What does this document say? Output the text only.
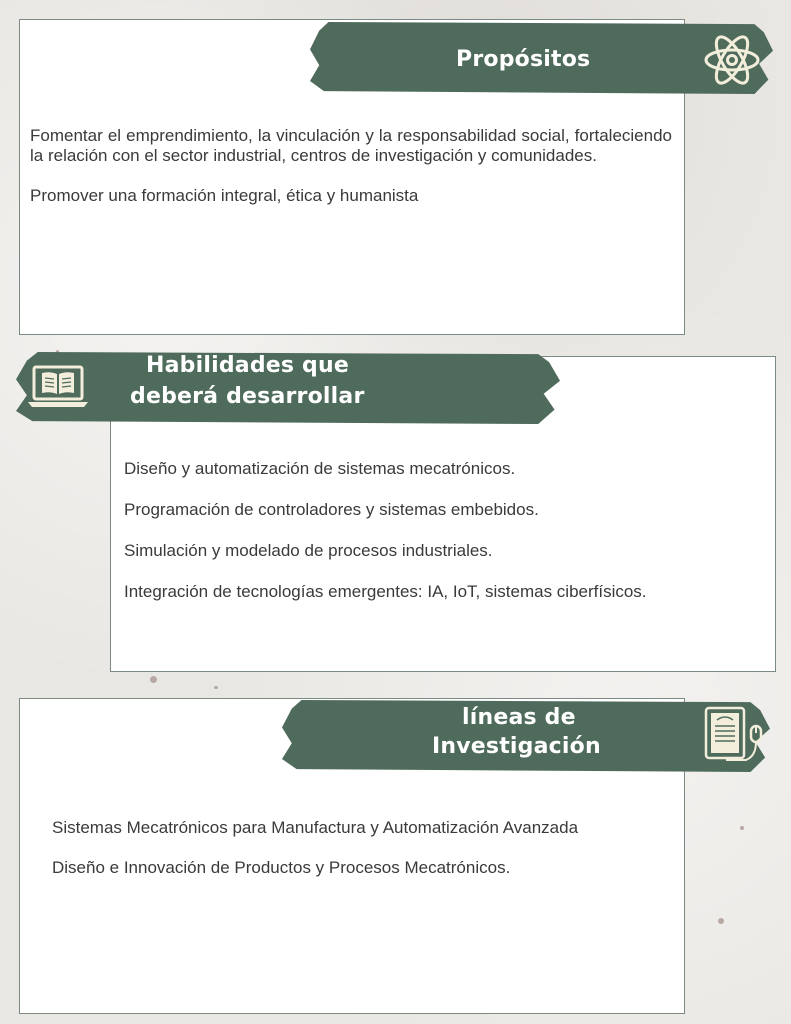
Propósitos

Fomentar el emprendimiento, la vinculación y la responsabilidad social, fortaleciendo la relación con el sector industrial, centros de investigación y comunidades.

Promover una formación integral, ética y humanista

Habilidades que
deberá desarrollar

Diseño y automatización de sistemas mecatrónicos.

Programación de controladores y sistemas embebidos.

Simulación y modelado de procesos industriales.

Integración de tecnologías emergentes: IA, IoT, sistemas ciberfísicos.

líneas de
Investigación

Sistemas Mecatrónicos para Manufactura y Automatización Avanzada

Diseño e Innovación de Productos y Procesos Mecatrónicos.
